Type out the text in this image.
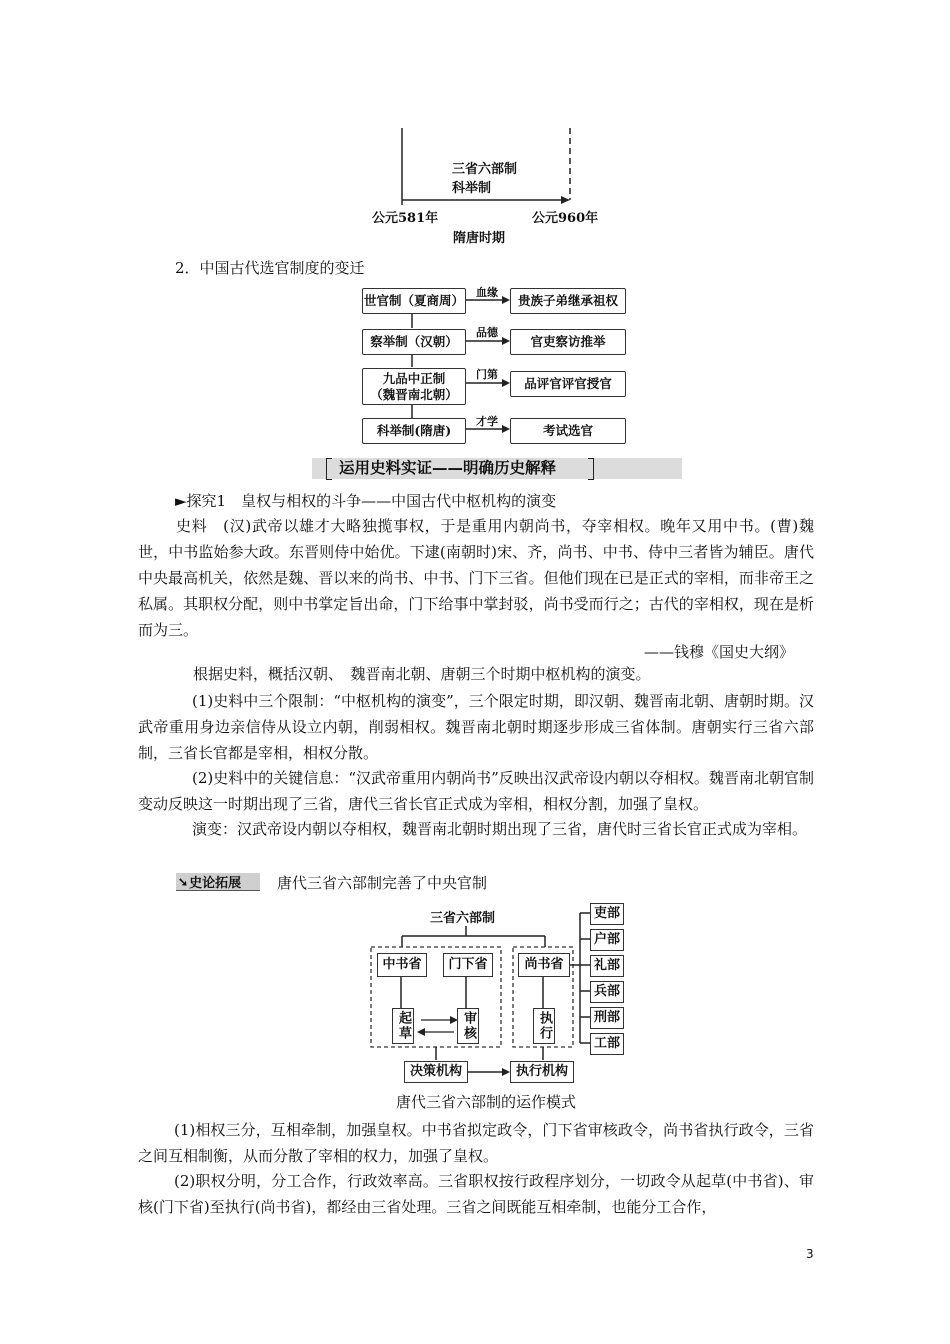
三省六部制
科举制
公元581年	公元960年
隋唐时期
2．中国古代选官制度的变迁
世官制（夏商周）
血缘
贵族子弟继承祖权
察举制（汉朝）
品德
官吏察访推举
九品中正制
（魏晋南北朝）
门第
品评官评官授官
科举制(隋唐)
才学
考试选官
运用史料实证——明确历史解释
►探究1　皇权与相权的斗争——中国古代中枢机构的演变
史料　(汉)武帝以雄才大略独揽事权，于是重用内朝尚书，夺宰相权。晚年又用中书。(曹)魏世，中书监始参大政。东晋则侍中始优。下逮(南朝时)宋、齐，尚书、中书、侍中三者皆为辅臣。唐代中央最高机关，依然是魏、晋以来的尚书、中书、门下三省。但他们现在已是正式的宰相，而非帝王之私属。其职权分配，则中书掌定旨出命，门下给事中掌封驳，尚书受而行之；古代的宰相权，现在是析而为三。
——钱穆《国史大纲》
根据史料，概括汉朝、　魏晋南北朝、唐朝三个时期中枢机构的演变。
(1)史料中三个限制：“中枢机构的演变”，三个限定时期，即汉朝、魏晋南北朝、唐朝时期。汉武帝重用身边亲信侍从设立内朝，削弱相权。魏晋南北朝时期逐步形成三省体制。唐朝实行三省六部制，三省长官都是宰相，相权分散。
(2)史料中的关键信息：“汉武帝重用内朝尚书”反映出汉武帝设内朝以夺相权。魏晋南北朝官制变动反映这一时期出现了三省，唐代三省长官正式成为宰相，相权分割，加强了皇权。
演变：汉武帝设内朝以夺相权，魏晋南北朝时期出现了三省，唐代时三省长官正式成为宰相。
➘ 史论拓展 唐代三省六部制完善了中央官制
三省六部制
中书省	门下省	尚书省
起草	审核	执行
吏部
户部
礼部
兵部
刑部
工部
决策机构	执行机构
唐代三省六部制的运作模式
(1)相权三分，互相牵制，加强皇权。中书省拟定政令，门下省审核政令，尚书省执行政令，三省之间互相制衡，从而分散了宰相的权力，加强了皇权。
(2)职权分明，分工合作，行政效率高。三省职权按行政程序划分，一切政令从起草(中书省)、审核(门下省)至执行(尚书省)，都经由三省处理。三省之间既能互相牵制，也能分工合作，
3
